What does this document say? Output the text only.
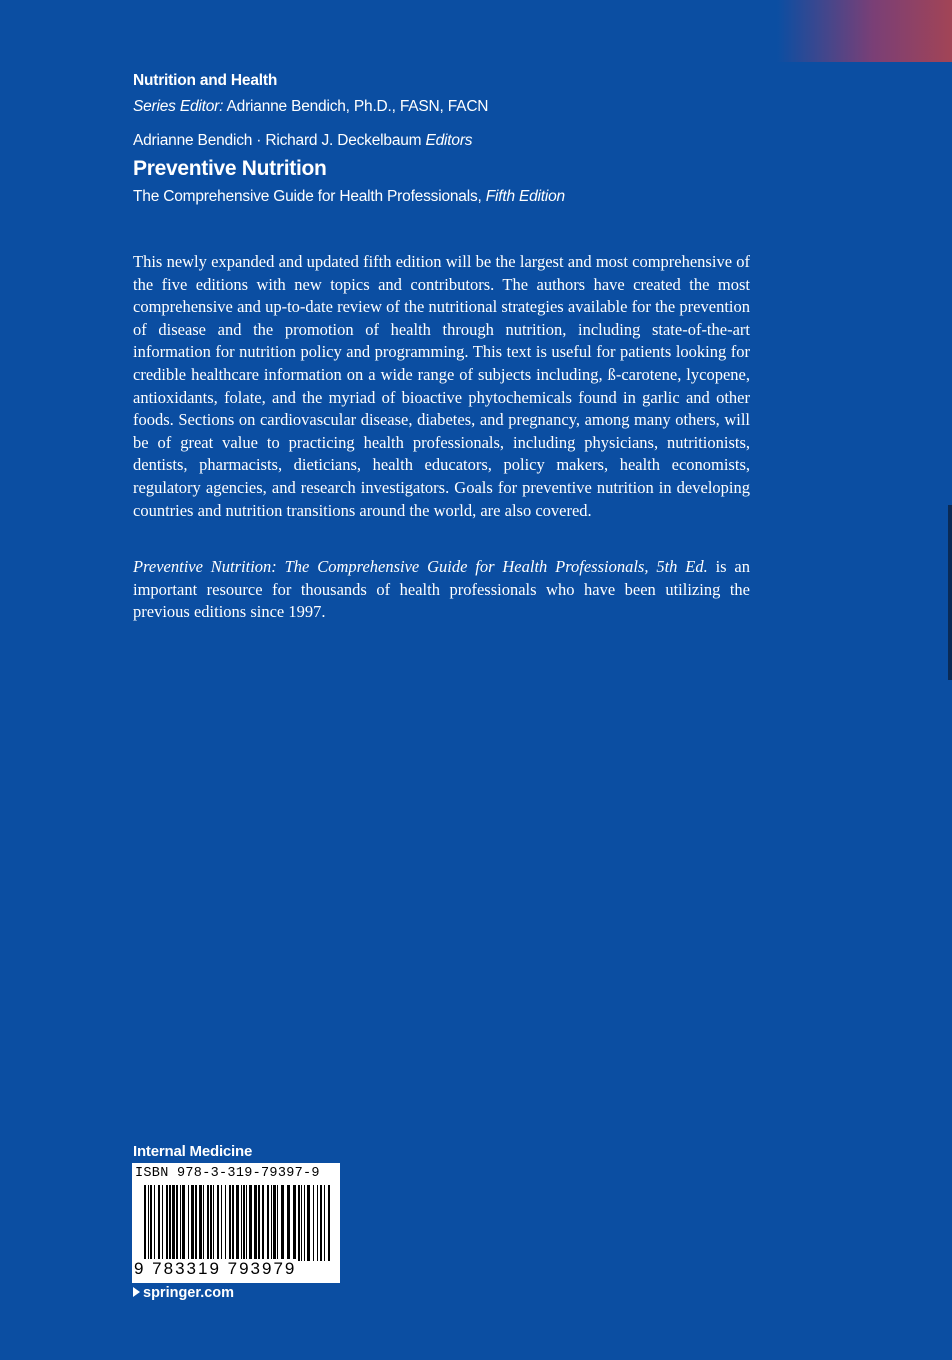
Nutrition and Health
Series Editor: Adrianne Bendich, Ph.D., FASN, FACN
Adrianne Bendich · Richard J. Deckelbaum Editors
Preventive Nutrition
The Comprehensive Guide for Health Professionals, Fifth Edition

This newly expanded and updated fifth edition will be the largest and most comprehensive of the five editions with new topics and contributors. The authors have created the most comprehensive and up-to-date review of the nutritional strategies available for the prevention of disease and the promotion of health through nutrition, including state-of-the-art information for nutrition policy and programming. This text is useful for patients looking for credible healthcare information on a wide range of subjects including, ß-carotene, lycopene, antioxidants, folate, and the myriad of bioactive phytochemicals found in garlic and other foods. Sections on cardiovascular disease, diabetes, and pregnancy, among many others, will be of great value to practicing health professionals, including physicians, nutritionists, dentists, pharmacists, dieticians, health educators, policy makers, health economists, regulatory agencies, and research investigators. Goals for preventive nutrition in developing countries and nutrition transitions around the world, are also covered.

Preventive Nutrition: The Comprehensive Guide for Health Professionals, 5th Ed. is an important resource for thousands of health professionals who have been utilizing the previous editions since 1997.

Internal Medicine
ISBN 978-3-319-79397-9
9 783319 793979
springer.com
